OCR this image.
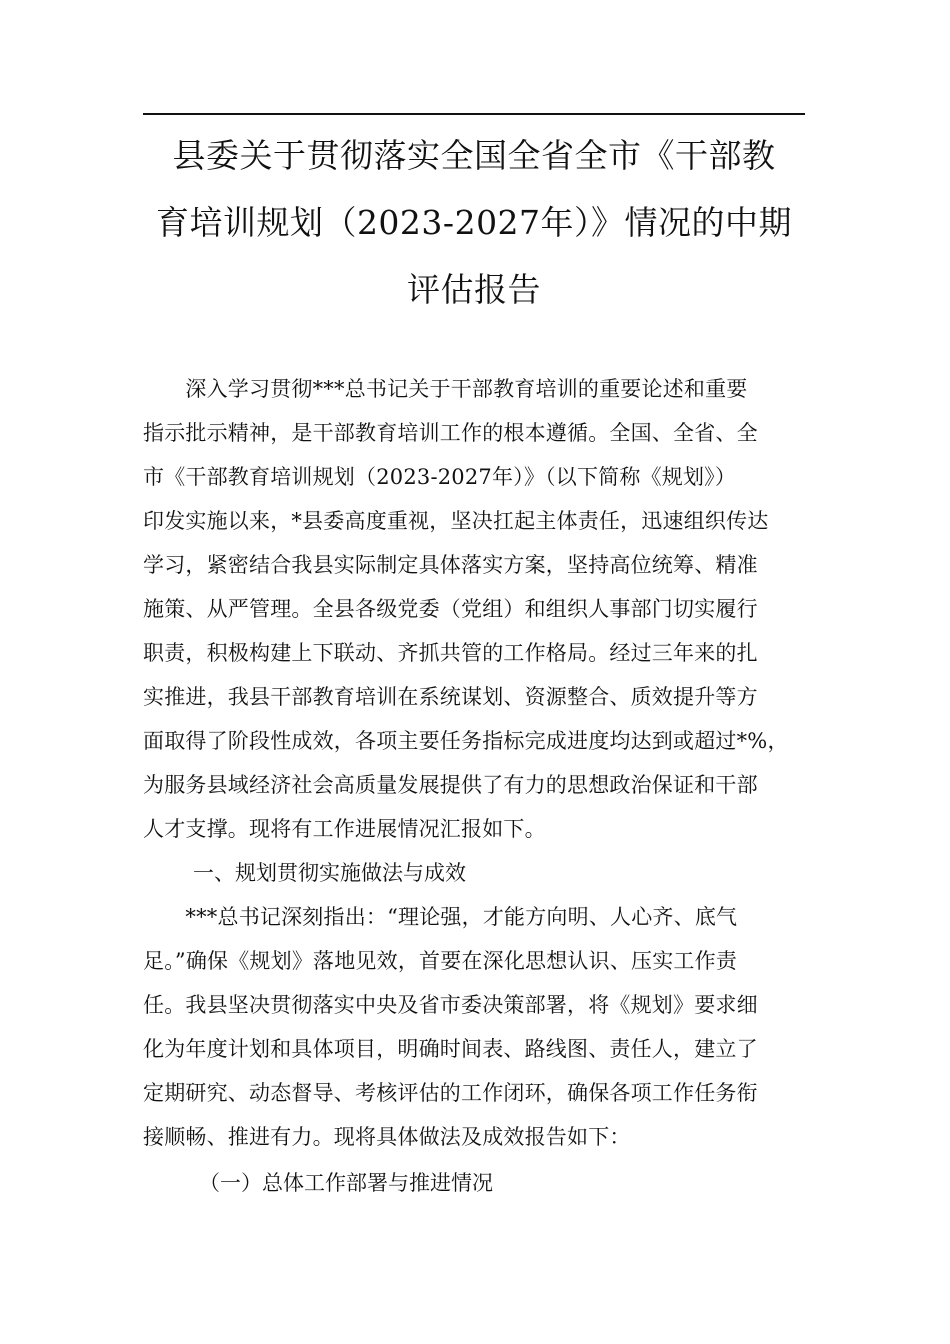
县委关于贯彻落实全国全省全市《干部教
育培训规划（2023-2027年）》情况的中期
评估报告
　　深入学习贯彻***总书记关于干部教育培训的重要论述和重要
指示批示精神，是干部教育培训工作的根本遵循。全国、全省、全
市《干部教育培训规划（2023-2027年）》（以下简称《规划》）
印发实施以来，*县委高度重视，坚决扛起主体责任，迅速组织传达
学习，紧密结合我县实际制定具体落实方案，坚持高位统筹、精准
施策、从严管理。全县各级党委（党组）和组织人事部门切实履行
职责，积极构建上下联动、齐抓共管的工作格局。经过三年来的扎
实推进，我县干部教育培训在系统谋划、资源整合、质效提升等方
面取得了阶段性成效，各项主要任务指标完成进度均达到或超过*%，
为服务县域经济社会高质量发展提供了有力的思想政治保证和干部
人才支撑。现将有工作进展情况汇报如下。
一、规划贯彻实施做法与成效
　　***总书记深刻指出：“理论强，才能方向明、人心齐、底气
足。”确保《规划》落地见效，首要在深化思想认识、压实工作责
任。我县坚决贯彻落实中央及省市委决策部署，将《规划》要求细
化为年度计划和具体项目，明确时间表、路线图、责任人，建立了
定期研究、动态督导、考核评估的工作闭环，确保各项工作任务衔
接顺畅、推进有力。现将具体做法及成效报告如下：
（一）总体工作部署与推进情况
